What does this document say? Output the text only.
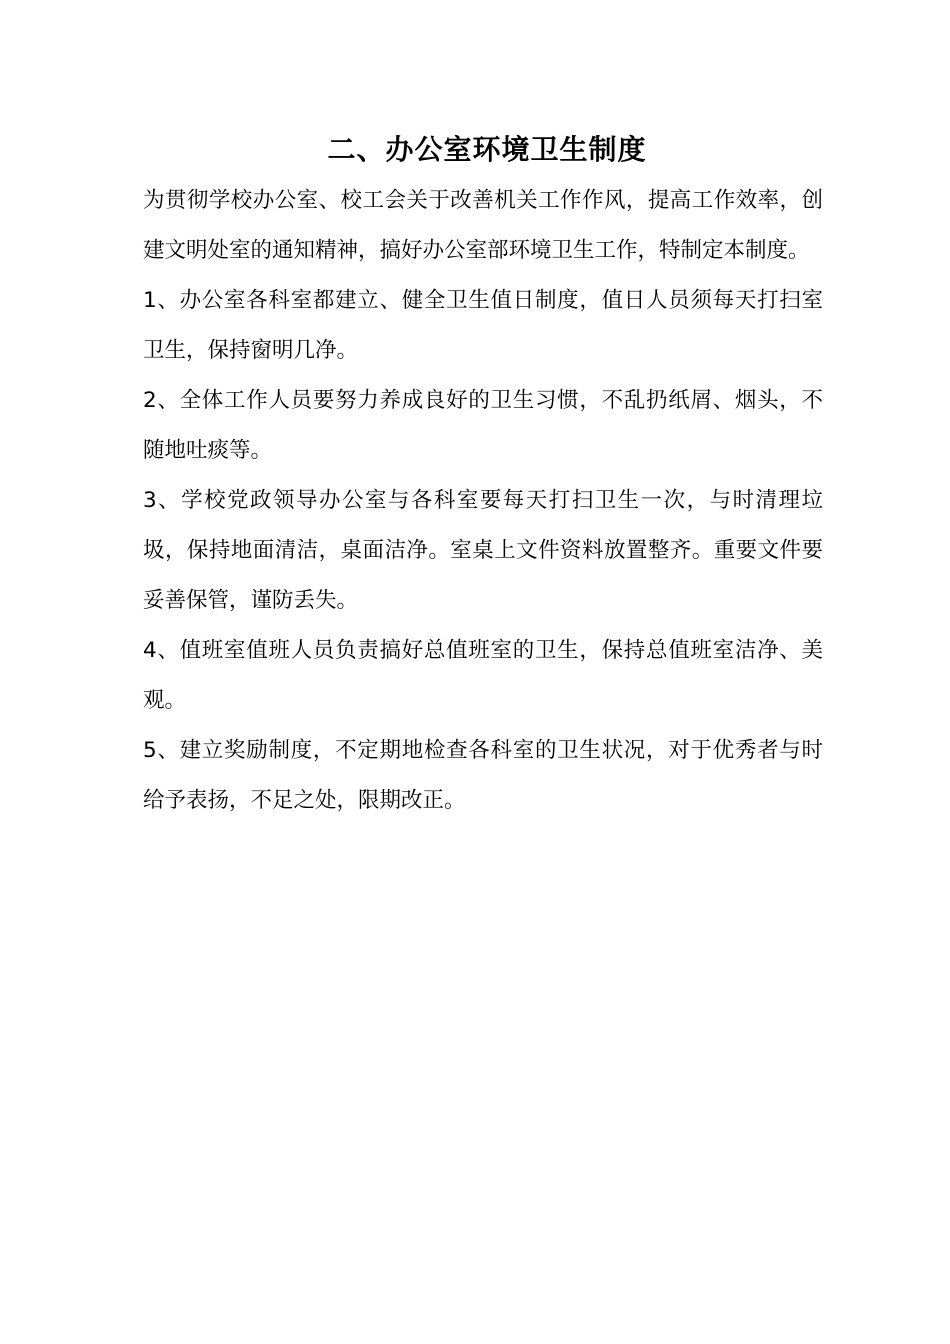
二、办公室环境卫生制度

为贯彻学校办公室、校工会关于改善机关工作作风，提高工作效率，创建文明处室的通知精神，搞好办公室部环境卫生工作，特制定本制度。

1、办公室各科室都建立、健全卫生值日制度，值日人员须每天打扫室卫生，保持窗明几净。

2、全体工作人员要努力养成良好的卫生习惯，不乱扔纸屑、烟头，不随地吐痰等。

3、学校党政领导办公室与各科室要每天打扫卫生一次，与时清理垃圾，保持地面清洁，桌面洁净。室桌上文件资料放置整齐。重要文件要妥善保管，谨防丢失。

4、值班室值班人员负责搞好总值班室的卫生，保持总值班室洁净、美观。

5、建立奖励制度，不定期地检查各科室的卫生状况，对于优秀者与时给予表扬，不足之处，限期改正。
